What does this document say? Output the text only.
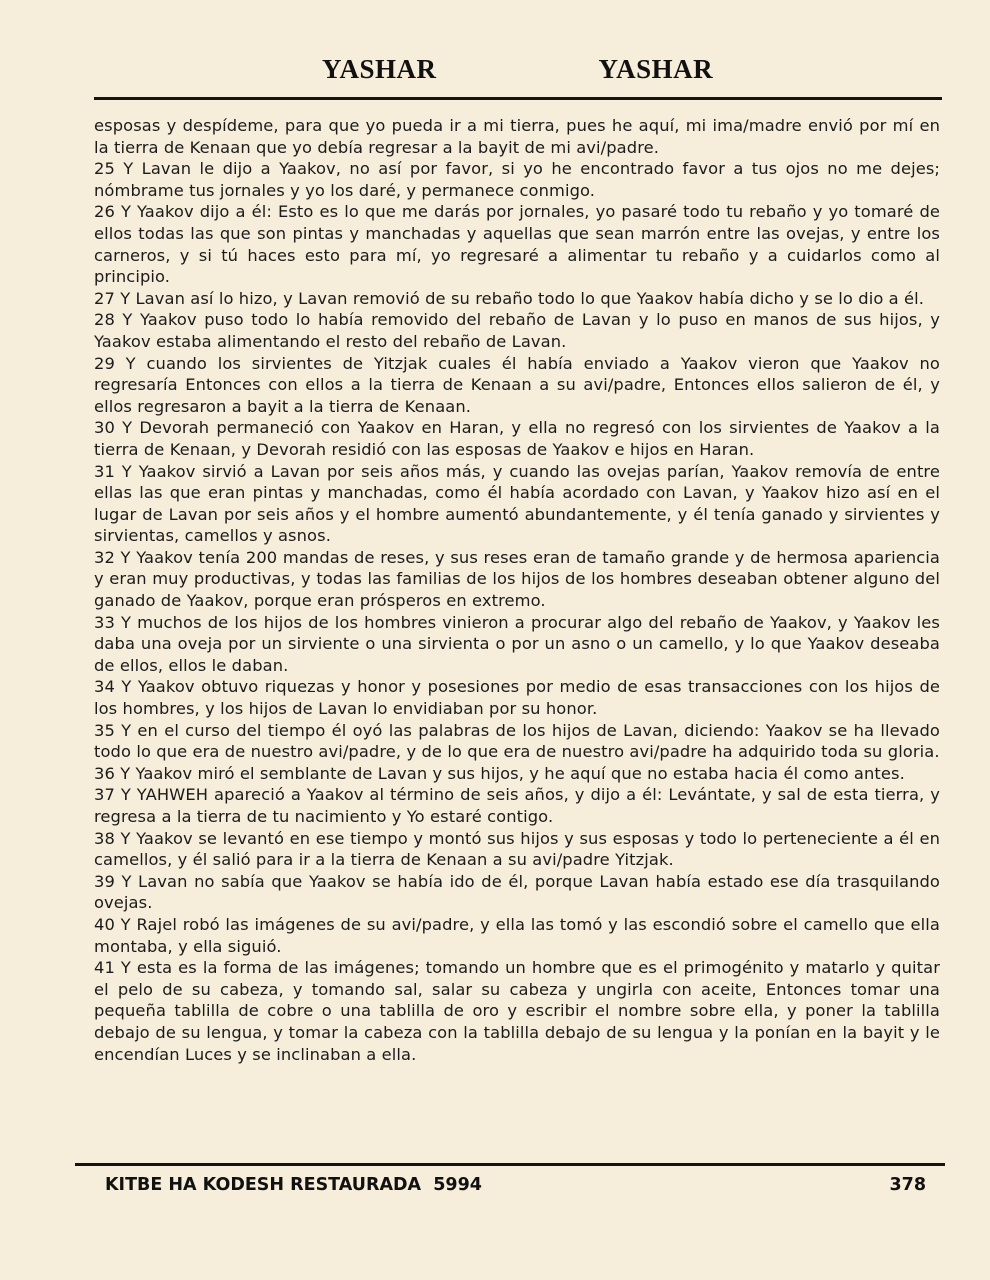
YASHAR	YASHAR

esposas y despídeme, para que yo pueda ir a mi tierra, pues he aquí, mi ima/madre envió por mí en la tierra de Kenaan que yo debía regresar a la bayit de mi avi/padre.

25 Y Lavan le dijo a Yaakov, no así por favor, si yo he encontrado favor a tus ojos no me dejes; nómbrame tus jornales y yo los daré, y permanece conmigo.

26 Y Yaakov dijo a él: Esto es lo que me darás por jornales, yo pasaré todo tu rebaño y yo tomaré de ellos todas las que son pintas y manchadas y aquellas que sean marrón entre las ovejas, y entre los carneros, y si tú haces esto para mí, yo regresaré a alimentar tu rebaño y a cuidarlos como al principio.

27 Y Lavan así lo hizo, y Lavan removió de su rebaño todo lo que Yaakov había dicho y se lo dio a él.

28 Y Yaakov puso todo lo había removido del rebaño de Lavan y lo puso en manos de sus hijos, y Yaakov estaba alimentando el resto del rebaño de Lavan.

29 Y cuando los sirvientes de Yitzjak cuales él había enviado a Yaakov vieron que Yaakov no regresaría Entonces con ellos a la tierra de Kenaan a su avi/padre, Entonces ellos salieron de él, y ellos regresaron a bayit a la tierra de Kenaan.

30 Y Devorah permaneció con Yaakov en Haran, y ella no regresó con los sirvientes de Yaakov a la tierra de Kenaan, y Devorah residió con las esposas de Yaakov e hijos en Haran.

31 Y Yaakov sirvió a Lavan por seis años más, y cuando las ovejas parían, Yaakov removía de entre ellas las que eran pintas y manchadas, como él había acordado con Lavan, y Yaakov hizo así en el lugar de Lavan por seis años y el hombre aumentó abundantemente, y él tenía ganado y sirvientes y sirvientas, camellos y asnos.

32 Y Yaakov tenía 200 mandas de reses, y sus reses eran de tamaño grande y de hermosa apariencia y eran muy productivas, y todas las familias de los hijos de los hombres deseaban obtener alguno del ganado de Yaakov, porque eran prósperos en extremo.

33 Y muchos de los hijos de los hombres vinieron a procurar algo del rebaño de Yaakov, y Yaakov les daba una oveja por un sirviente o una sirvienta o por un asno o un camello, y lo que Yaakov deseaba de ellos, ellos le daban.

34 Y Yaakov obtuvo riquezas y honor y posesiones por medio de esas transacciones con los hijos de los hombres, y los hijos de Lavan lo envidiaban por su honor.

35 Y en el curso del tiempo él oyó las palabras de los hijos de Lavan, diciendo: Yaakov se ha llevado todo lo que era de nuestro avi/padre, y de lo que era de nuestro avi/padre ha adquirido toda su gloria.

36 Y Yaakov miró el semblante de Lavan y sus hijos, y he aquí que no estaba hacia él como antes.

37 Y YAHWEH apareció a Yaakov al término de seis años, y dijo a él: Levántate, y sal de esta tierra, y regresa a la tierra de tu nacimiento y Yo estaré contigo.

38 Y Yaakov se levantó en ese tiempo y montó sus hijos y sus esposas y todo lo perteneciente a él en camellos, y él salió para ir a la tierra de Kenaan a su avi/padre Yitzjak.

39 Y Lavan no sabía que Yaakov se había ido de él, porque Lavan había estado ese día trasquilando ovejas.

40 Y Rajel robó las imágenes de su avi/padre, y ella las tomó y las escondió sobre el camello que ella montaba, y ella siguió.

41 Y esta es la forma de las imágenes; tomando un hombre que es el primogénito y matarlo y quitar el pelo de su cabeza, y tomando sal, salar su cabeza y ungirla con aceite, Entonces tomar una pequeña tablilla de cobre o una tablilla de oro y escribir el nombre sobre ella, y poner la tablilla debajo de su lengua, y tomar la cabeza con la tablilla debajo de su lengua y la ponían en la bayit y le encendían Luces y se inclinaban a ella.

KITBE HA KODESH RESTAURADA  5994	378
